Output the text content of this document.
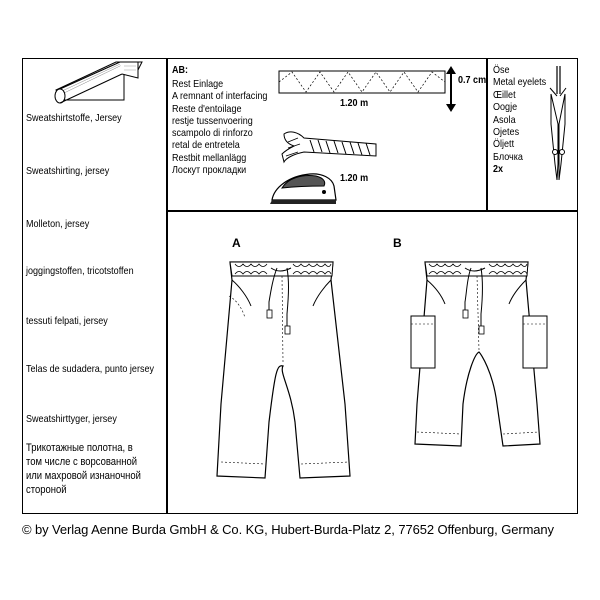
Sweatshirtstoffe, Jersey
Sweatshirting, jersey
Molleton, jersey
joggingstoffen, tricotstoffen
tessuti felpati, jersey
Telas de sudadera, punto jersey
Sweatshirttyger, jersey
Трикотажные полотна, в
том числе с ворсованной
или махровой изнаночной
стороной
AB:
Rest Einlage
A remnant of interfacing
Reste d'entoilage
restje tussenvoering
scampolo di rinforzo
retal de entretela
Restbit mellanlägg
Лоскут прокладки
1.20 m
0.7 cm
1.20 m
Öse
Metal eyelets
Œillet
Oogje
Asola
Ojetes
Öljett
Блочка
2x
A	B
© by Verlag Aenne Burda GmbH & Co. KG, Hubert-Burda-Platz 2, 77652 Offenburg, Germany
